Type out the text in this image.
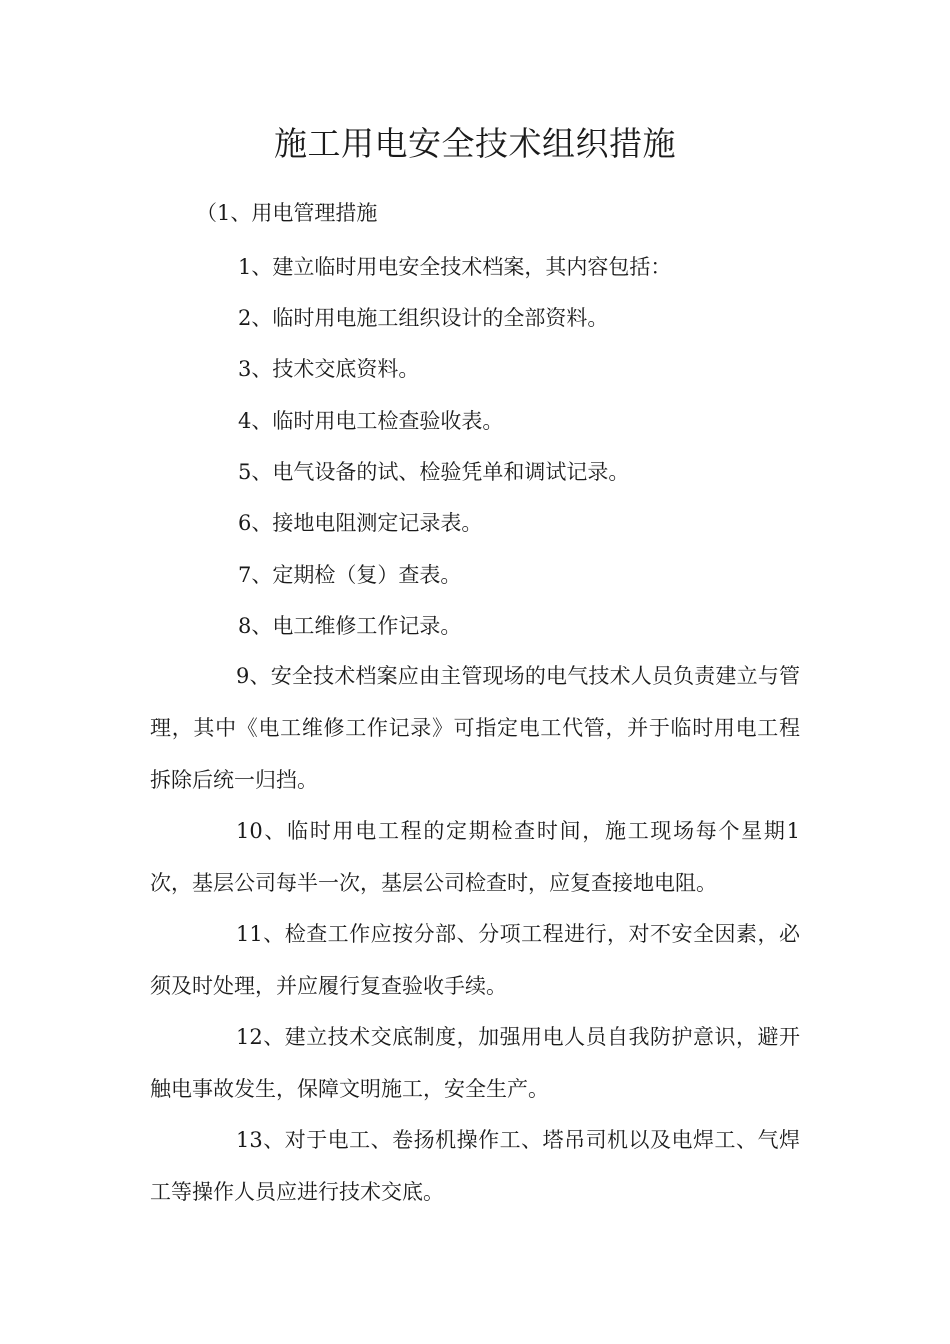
施工用电安全技术组织措施

（1、用电管理措施

1、建立临时用电安全技术档案，其内容包括：

2、临时用电施工组织设计的全部资料。

3、技术交底资料。

4、临时用电工检查验收表。

5、电气设备的试、检验凭单和调试记录。

6、接地电阻测定记录表。

7、定期检（复）查表。

8、电工维修工作记录。

9、安全技术档案应由主管现场的电气技术人员负责建立与管理，其中《电工维修工作记录》可指定电工代管，并于临时用电工程拆除后统一归挡。

10、临时用电工程的定期检查时间，施工现场每个星期1次，基层公司每半一次，基层公司检查时，应复查接地电阻。

11、检查工作应按分部、分项工程进行，对不安全因素，必须及时处理，并应履行复查验收手续。

12、建立技术交底制度，加强用电人员自我防护意识，避开触电事故发生，保障文明施工，安全生产。

13、对于电工、卷扬机操作工、塔吊司机以及电焊工、气焊工等操作人员应进行技术交底。
